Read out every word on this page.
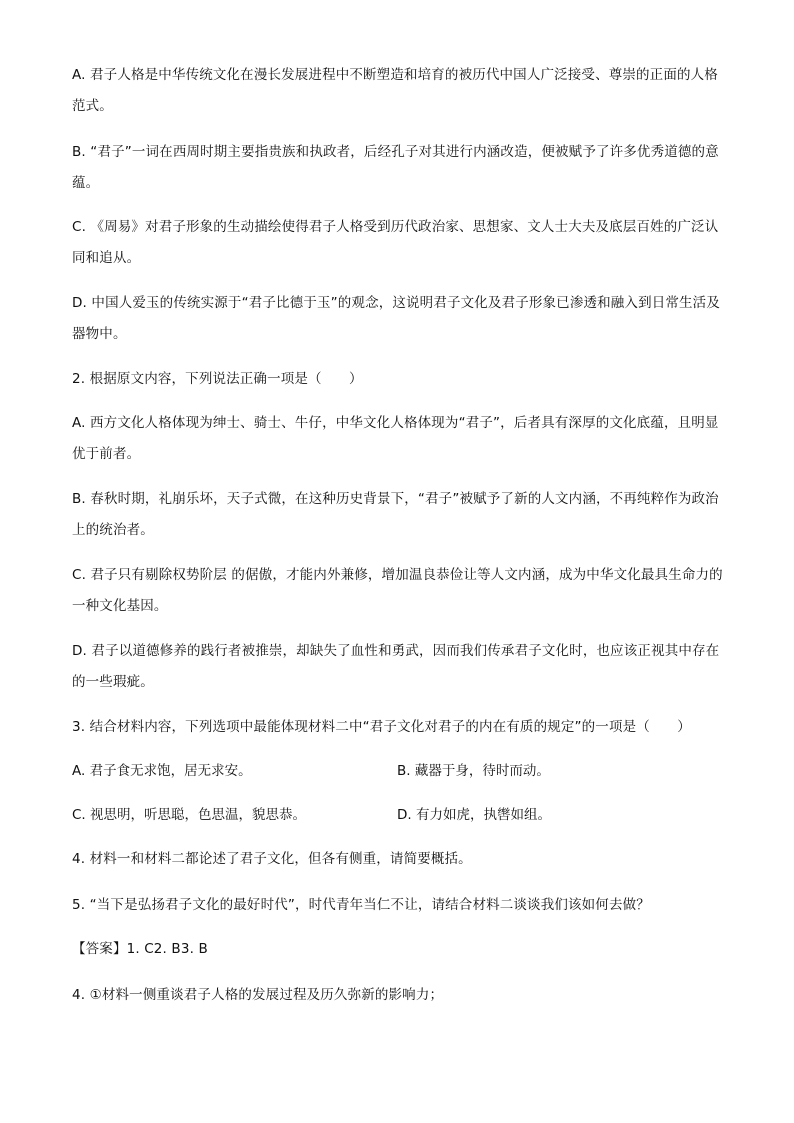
A. 君子人格是中华传统文化在漫长发展进程中不断塑造和培育的被历代中国人广泛接受、尊崇的正面的人格范式。

B. “君子”一词在西周时期主要指贵族和执政者，后经孔子对其进行内涵改造，便被赋予了许多优秀道德的意蕴。

C. 《周易》对君子形象的生动描绘使得君子人格受到历代政治家、思想家、文人士大夫及底层百姓的广泛认同和追从。

D. 中国人爱玉的传统实源于“君子比德于玉”的观念，这说明君子文化及君子形象已渗透和融入到日常生活及器物中。

2. 根据原文内容，下列说法正确一项是（　　）

A. 西方文化人格体现为绅士、骑士、牛仔，中华文化人格体现为“君子”，后者具有深厚的文化底蕴，且明显优于前者。

B. 春秋时期，礼崩乐坏，天子式微，在这种历史背景下，“君子”被赋予了新的人文内涵，不再纯粹作为政治上的统治者。

C. 君子只有剔除权势阶层 的倨傲，才能内外兼修，增加温良恭俭让等人文内涵，成为中华文化最具生命力的一种文化基因。

D. 君子以道德修养的践行者被推崇，却缺失了血性和勇武，因而我们传承君子文化时，也应该正视其中存在的一些瑕疵。

3. 结合材料内容，下列选项中最能体现材料二中“君子文化对君子的内在有质的规定”的一项是（　　）

A. 君子食无求饱，居无求安。	B. 藏器于身，待时而动。
C. 视思明，听思聪，色思温，貌思恭。	D. 有力如虎，执辔如组。

4. 材料一和材料二都论述了君子文化，但各有侧重，请简要概括。

5. “当下是弘扬君子文化的最好时代”，时代青年当仁不让，请结合材料二谈谈我们该如何去做？

【答案】1. C2. B3. B

4. ①材料一侧重谈君子人格的发展过程及历久弥新的影响力；
